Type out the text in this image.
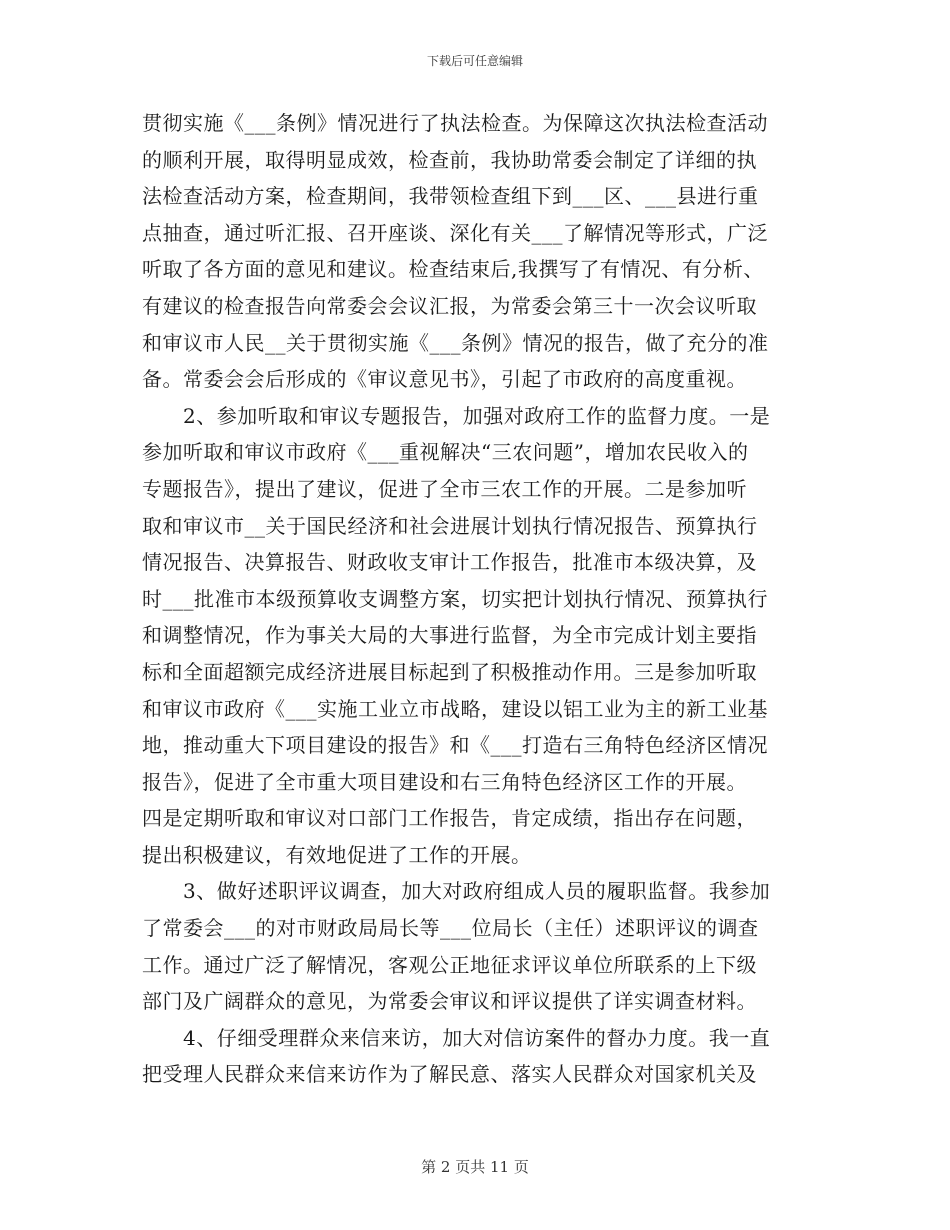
下载后可任意编辑

贯彻实施《___条例》情况进行了执法检查。为保障这次执法检查活动
的顺利开展，取得明显成效，检查前，我协助常委会制定了详细的执
法检查活动方案，检查期间，我带领检查组下到___区、___县进行重
点抽查，通过听汇报、召开座谈、深化有关___了解情况等形式，广泛
听取了各方面的意见和建议。检查结束后,我撰写了有情况、有分析、
有建议的检查报告向常委会会议汇报，为常委会第三十一次会议听取
和审议市人民__关于贯彻实施《___条例》情况的报告，做了充分的准
备。常委会会后形成的《审议意见书》，引起了市政府的高度重视。

　　2、参加听取和审议专题报告，加强对政府工作的监督力度。一是
参加听取和审议市政府《___重视解决“三农问题”，增加农民收入的
专题报告》，提出了建议，促进了全市三农工作的开展。二是参加听
取和审议市__关于国民经济和社会进展计划执行情况报告、预算执行
情况报告、决算报告、财政收支审计工作报告，批准市本级决算，及
时___批准市本级预算收支调整方案，切实把计划执行情况、预算执行
和调整情况，作为事关大局的大事进行监督，为全市完成计划主要指
标和全面超额完成经济进展目标起到了积极推动作用。三是参加听取
和审议市政府《___实施工业立市战略，建设以铝工业为主的新工业基
地，推动重大下项目建设的报告》和《___打造右三角特色经济区情况
报告》，促进了全市重大项目建设和右三角特色经济区工作的开展。
四是定期听取和审议对口部门工作报告，肯定成绩，指出存在问题，
提出积极建议，有效地促进了工作的开展。

　　3、做好述职评议调查，加大对政府组成人员的履职监督。我参加
了常委会___的对市财政局局长等___位局长（主任）述职评议的调查
工作。通过广泛了解情况，客观公正地征求评议单位所联系的上下级
部门及广阔群众的意见，为常委会审议和评议提供了详实调查材料。

　　4、仔细受理群众来信来访，加大对信访案件的督办力度。我一直
把受理人民群众来信来访作为了解民意、落实人民群众对国家机关及

第 2 页共 11 页
